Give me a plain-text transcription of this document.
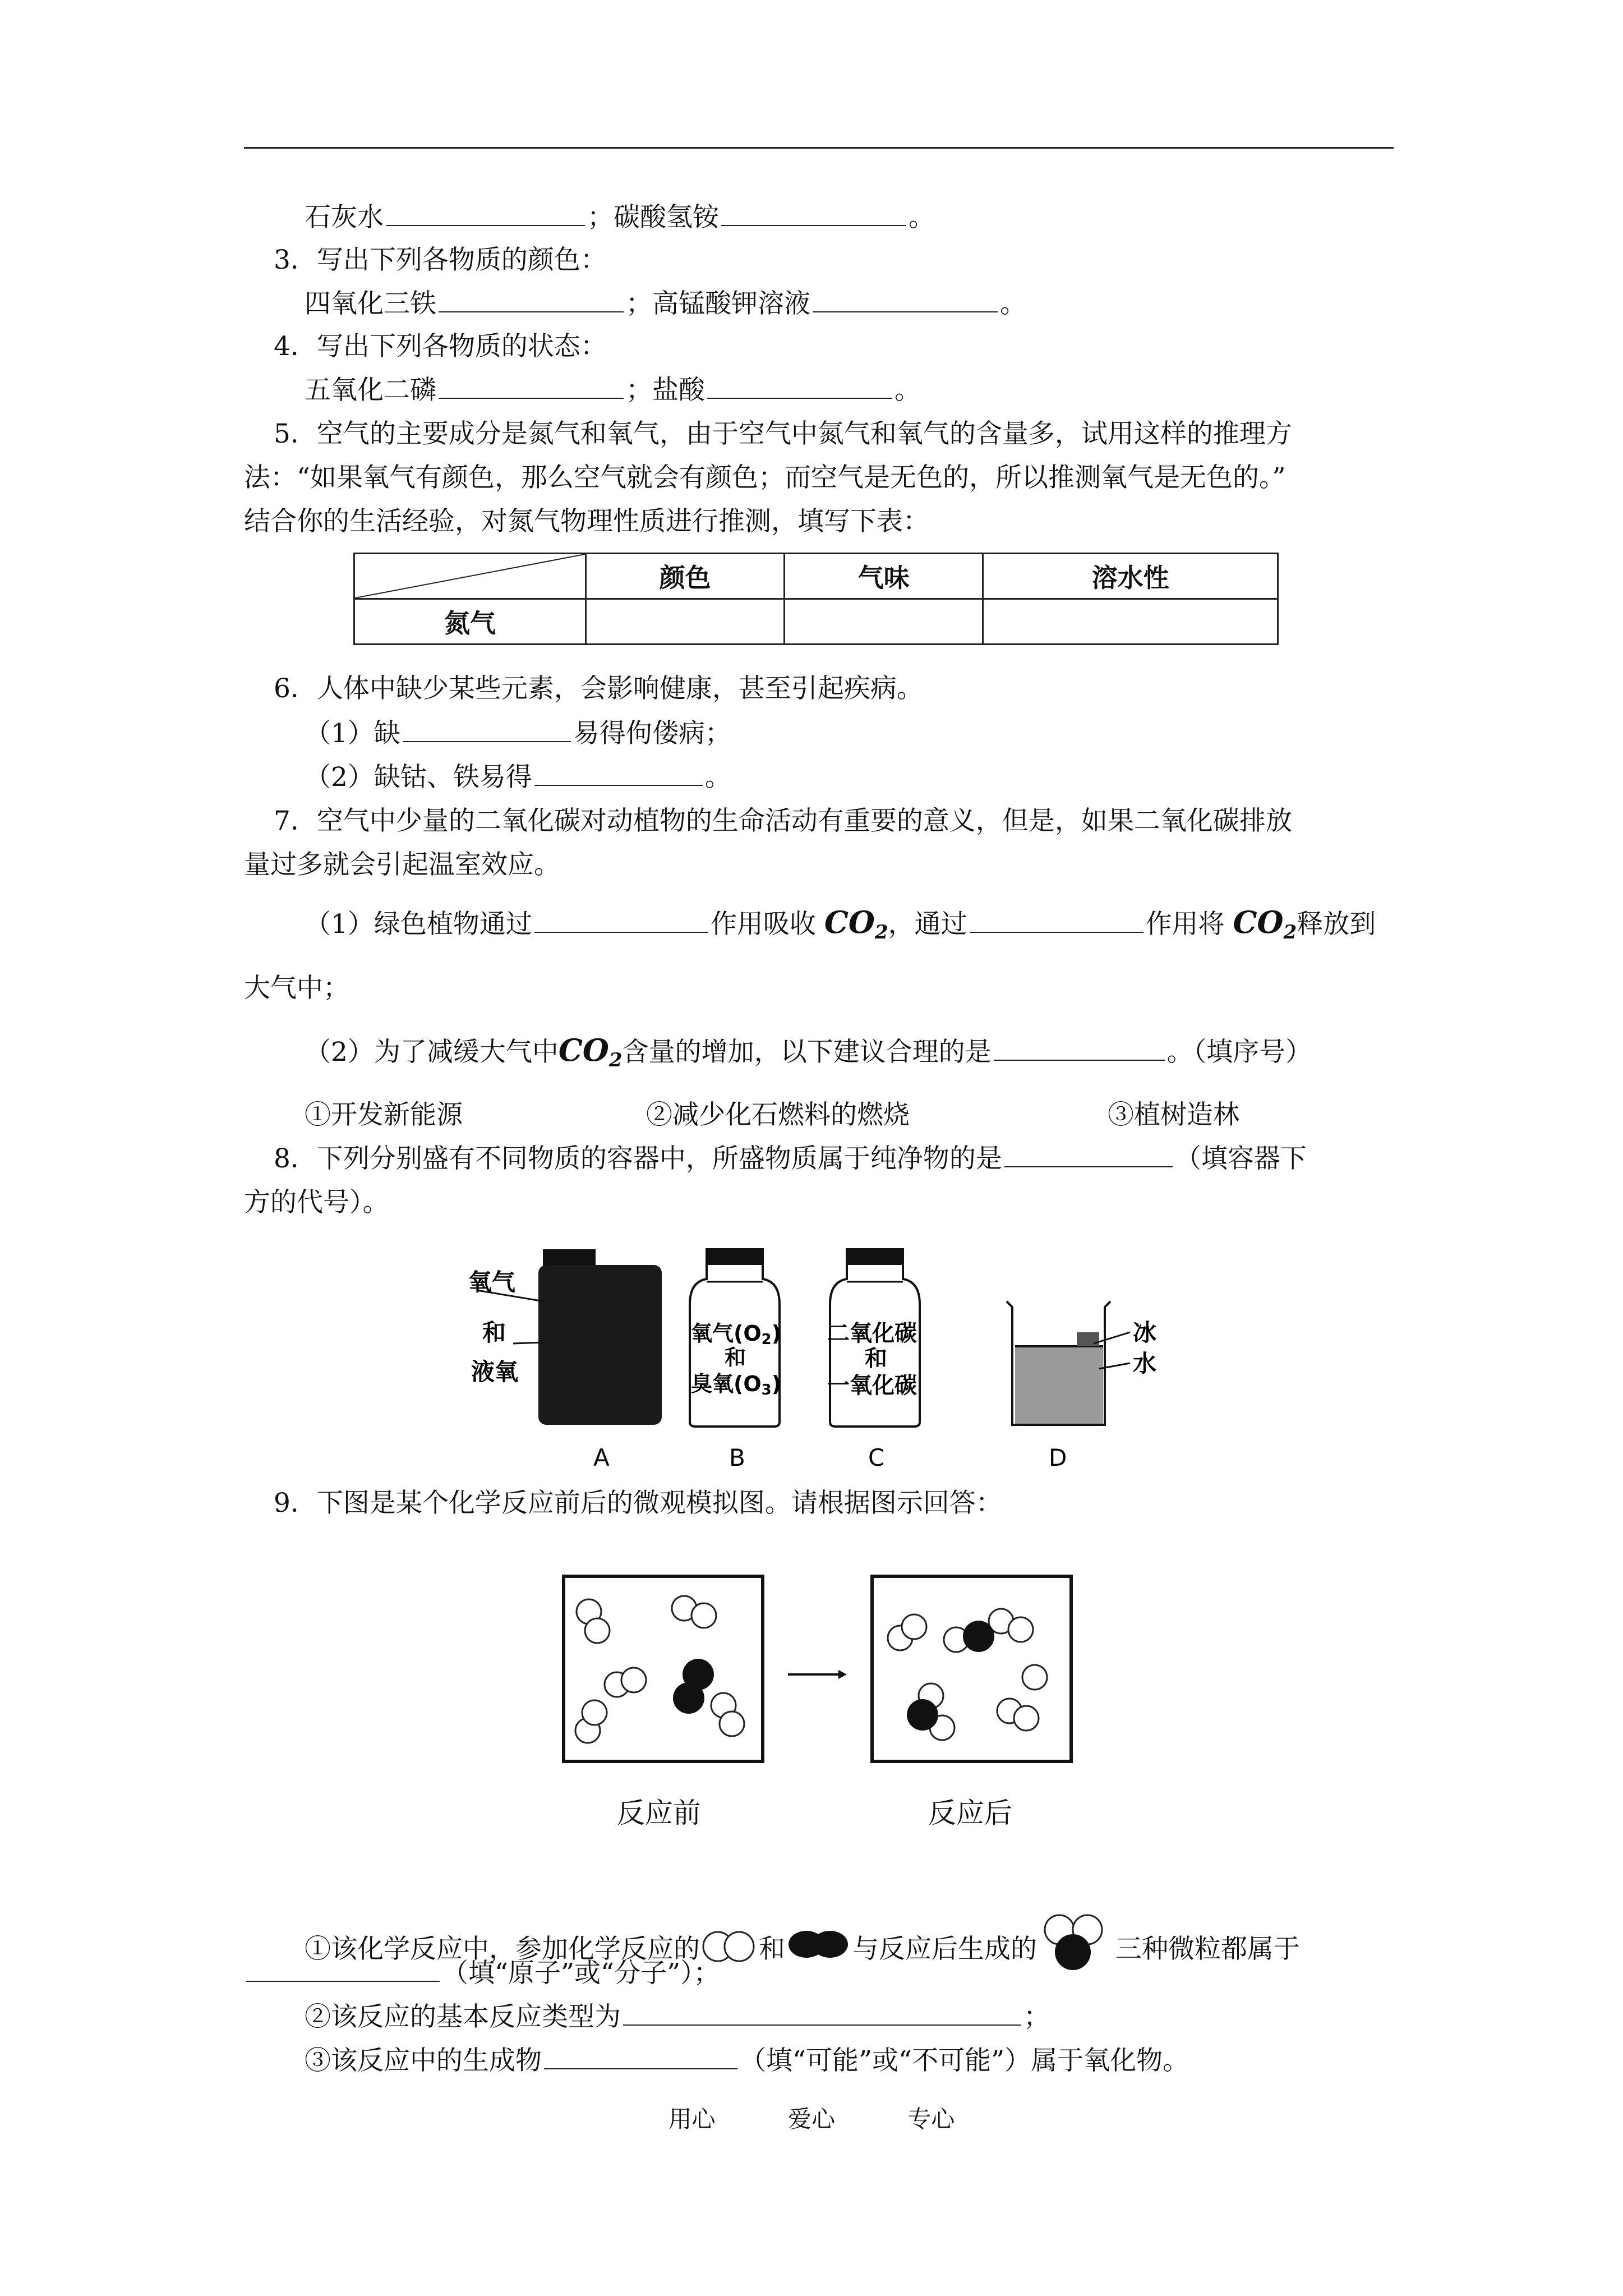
石灰水	；碳酸氢铵	。
3．写出下列各物质的颜色：
四氧化三铁	；高锰酸钾溶液	。
4．写出下列各物质的状态：
五氧化二磷	；盐酸	。
5．空气的主要成分是氮气和氧气，由于空气中氮气和氧气的含量多，试用这样的推理方
法：“如果氧气有颜色，那么空气就会有颜色；而空气是无色的，所以推测氧气是无色的。”
结合你的生活经验，对氮气物理性质进行推测，填写下表：
	颜色	气味	溶水性
氮气			
6．人体中缺少某些元素，会影响健康，甚至引起疾病。
（1）缺	易得佝偻病；
（2）缺钴、铁易得	。
7．空气中少量的二氧化碳对动植物的生命活动有重要的意义，但是，如果二氧化碳排放
量过多就会引起温室效应。
（1）绿色植物通过	作用吸收 $CO_2$，通过	作用将 $CO_2$释放到
大气中；
（2）为了减缓大气中$CO_2$含量的增加，以下建议合理的是	。（填序号）
①开发新能源	②减少化石燃料的燃烧	③植树造林
8．下列分别盛有不同物质的容器中，所盛物质属于纯净物的是	（填容器下
方的代号）。
氧气
和
液氧
氧气(O2)
和
臭氧(O3)
二氧化碳
和
一氧化碳
冰
水
A	B	C	D
9．下图是某个化学反应前后的微观模拟图。请根据图示回答：
反应前	反应后
①该化学反应中，参加化学反应的 和	与反应后生成的	三种微粒都属于
（填“原子”或“分子”）；
②该反应的基本反应类型为	；
③该反应中的生成物	（填“可能”或“不可能”）属于氧化物。
用心	爱心	专心
